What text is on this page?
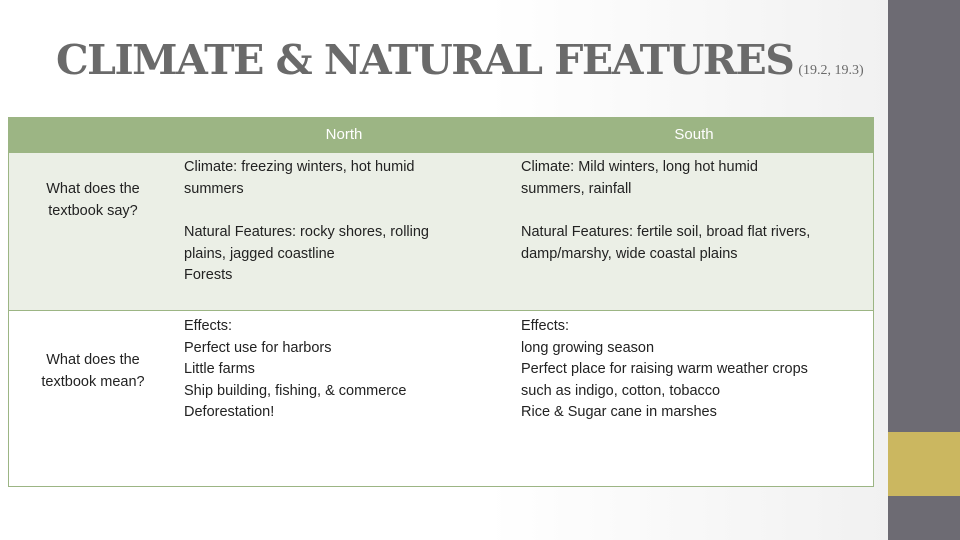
CLIMATE & NATURAL FEATURES (19.2, 19.3)
North	South
What does the
textbook say?
Climate: freezing winters, hot humid
summers
Natural Features: rocky shores, rolling
plains, jagged coastline
Forests
Climate: Mild winters, long hot humid
summers, rainfall
Natural Features: fertile soil, broad flat rivers,
damp/marshy, wide coastal plains
What does the
textbook mean?
Effects:
Perfect use for harbors
Little farms
Ship building, fishing, & commerce
Deforestation!
Effects:
long growing season
Perfect place for raising warm weather crops
such as indigo, cotton, tobacco
Rice & Sugar cane in marshes
